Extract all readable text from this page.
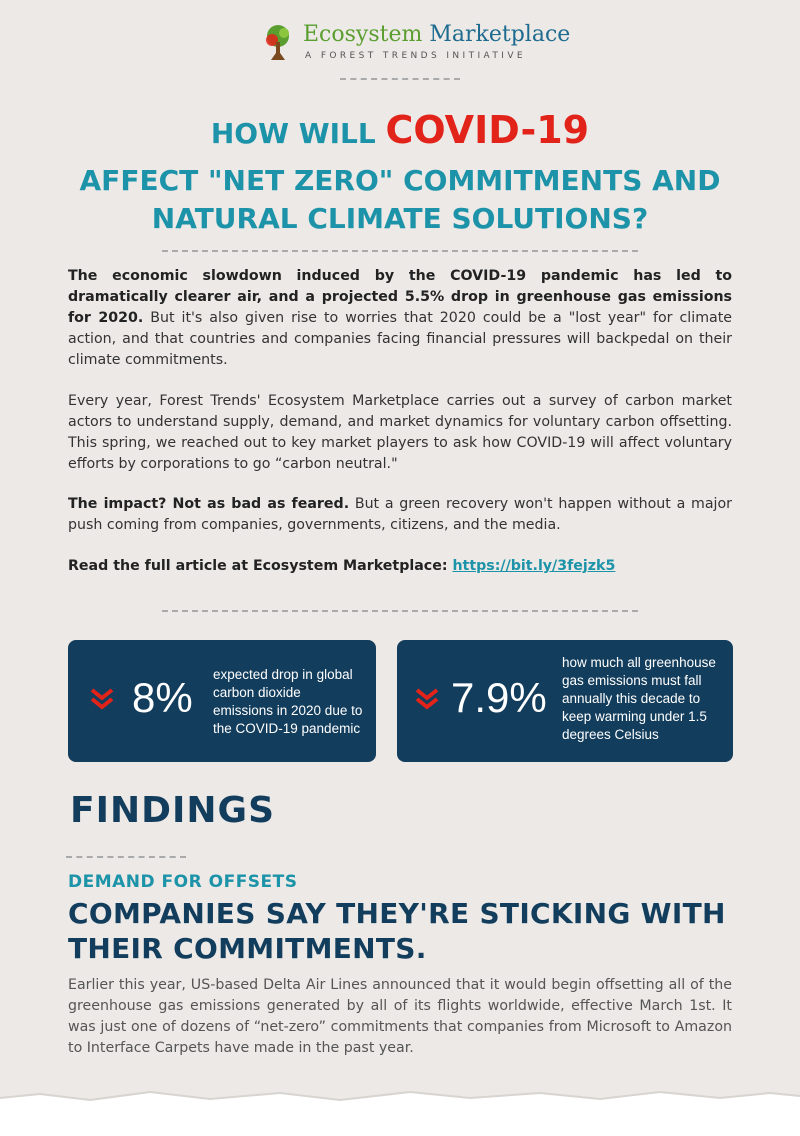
Ecosystem Marketplace
A FOREST TRENDS INITIATIVE
HOW WILL COVID-19
AFFECT "NET ZERO" COMMITMENTS AND
NATURAL CLIMATE SOLUTIONS?

The economic slowdown induced by the COVID-19 pandemic has led to dramatically clearer air, and a projected 5.5% drop in greenhouse gas emissions for 2020. But it's also given rise to worries that 2020 could be a "lost year" for climate action, and that countries and companies facing financial pressures will backpedal on their climate commitments.

Every year, Forest Trends' Ecosystem Marketplace carries out a survey of carbon market actors to understand supply, demand, and market dynamics for voluntary carbon offsetting. This spring, we reached out to key market players to ask how COVID-19 will affect voluntary efforts by corporations to go “carbon neutral."

The impact? Not as bad as feared. But a green recovery won't happen without a major push coming from companies, governments, citizens, and the media.

Read the full article at Ecosystem Marketplace: https://bit.ly/3fejzk5

8% expected drop in global carbon dioxide emissions in 2020 due to the COVID-19 pandemic
7.9%
how much all greenhouse gas emissions must fall annually this decade to keep warming under 1.5 degrees Celsius
FINDINGS
DEMAND FOR OFFSETS

COMPANIES SAY THEY'RE STICKING WITH
THEIR COMMITMENTS.

Earlier this year, US-based Delta Air Lines announced that it would begin offsetting all of the greenhouse gas emissions generated by all of its flights worldwide, effective March 1st. It was just one of dozens of “net-zero” commitments that companies from Microsoft to Amazon to Interface Carpets have made in the past year.
